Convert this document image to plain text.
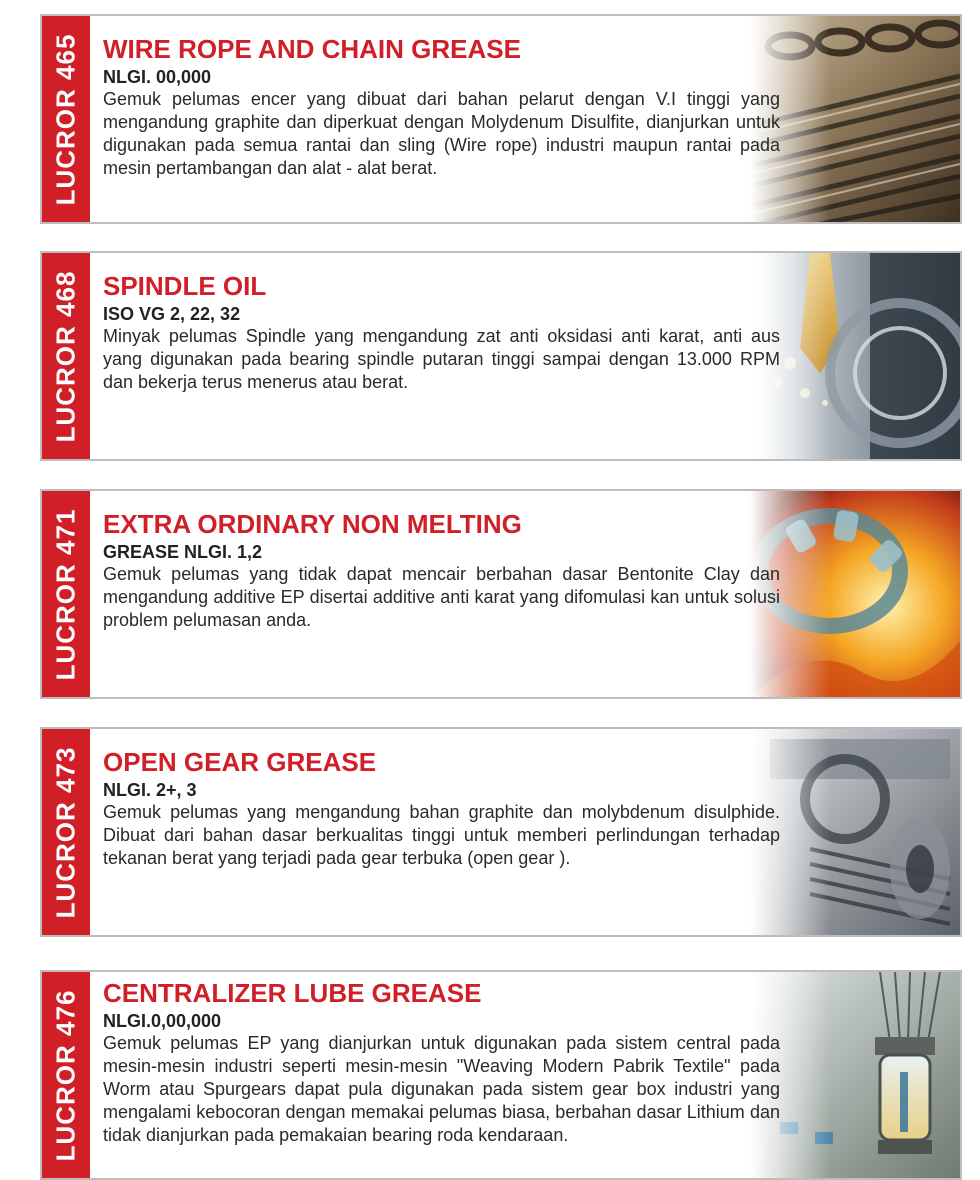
LUCROR 465 WIRE ROPE AND CHAIN GREASE

NLGI. 00,000

Gemuk pelumas encer yang dibuat dari bahan pelarut dengan V.I tinggi yang mengandung graphite dan diperkuat dengan Molydenum Disulfite, dianjurkan untuk digunakan pada semua rantai dan sling (Wire rope) industri maupun rantai pada mesin pertambangan dan alat - alat berat.

LUCROR 468 SPINDLE OIL

ISO VG 2, 22, 32

Minyak pelumas Spindle yang mengandung zat anti oksidasi anti karat, anti aus yang digunakan pada bearing spindle putaran tinggi sampai dengan 13.000 RPM dan bekerja terus menerus atau berat.

LUCROR 471 EXTRA ORDINARY NON MELTING

GREASE NLGI. 1,2

Gemuk pelumas yang tidak dapat mencair berbahan dasar Bentonite Clay dan mengandung additive EP disertai additive anti karat yang difomulasi kan untuk solusi problem pelumasan anda.

LUCROR 473 OPEN GEAR GREASE

NLGI. 2+, 3

Gemuk pelumas yang mengandung bahan graphite dan molybdenum disulphide. Dibuat dari bahan dasar berkualitas tinggi untuk memberi perlindungan terhadap tekanan berat yang terjadi pada gear terbuka (open gear ).

LUCROR 476 CENTRALIZER LUBE GREASE

NLGI.0,00,000

Gemuk pelumas EP yang dianjurkan untuk digunakan pada sistem central pada mesin-mesin industri seperti mesin-mesin "Weaving Modern Pabrik Textile" pada Worm atau Spurgears dapat pula digunakan pada sistem gear box industri yang mengalami kebocoran dengan memakai pelumas biasa, berbahan dasar Lithium dan tidak dianjurkan pada pemakaian bearing roda kendaraan.
